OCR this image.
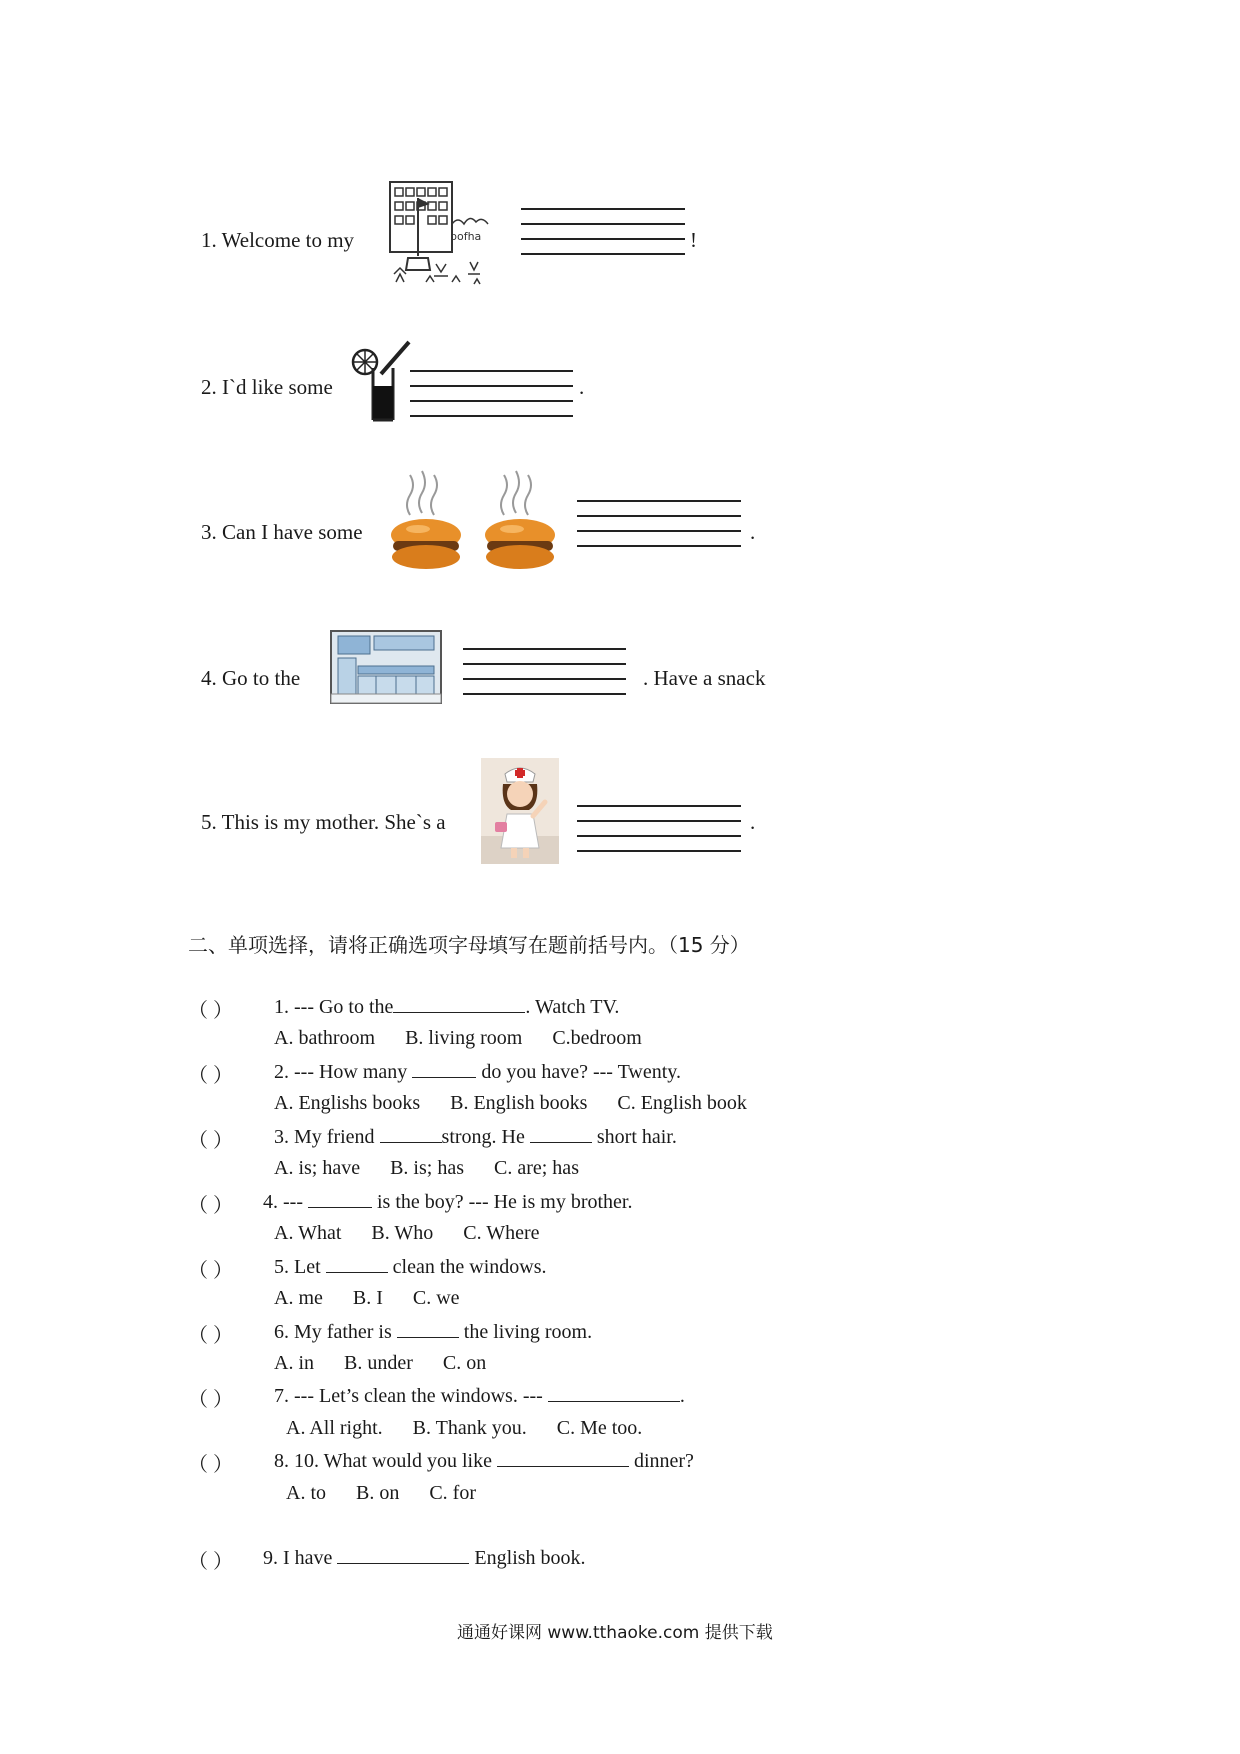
1. Welcome to my	bofha	!
2. I`d like some	.
3. Can I have some	.
4. Go to the	. Have a snack
5. This is my mother. She`s a	.
二、单项选择，请将正确选项字母填写在题前括号内。（15 分）
（ ） 1. --- Go to the	. Watch TV.
A. bathroom B. living room C.bedroom
（ ） 2. --- How many	do you have? --- Twenty.
A. Englishs books B. English books C. English book
（ ） 3. My friend	strong. He	short hair.
A. is; have B. is; has C. are; has
（ ） 4. ---	is the boy? --- He is my brother.
A. What B. Who C. Where
（ ） 5. Let	clean the windows.
A. me B. I C. we
（ ） 6. My father is	the living room.
A. in B. under C. on
（ ） 7. --- Let’s clean the windows. ---	.
A. All right. B. Thank you. C. Me too.
（ ） 8. 10. What would you like	dinner?
A. to B. on C. for
（ ） 9. I have	English book.
通通好课网 www.tthaoke.com 提供下载
